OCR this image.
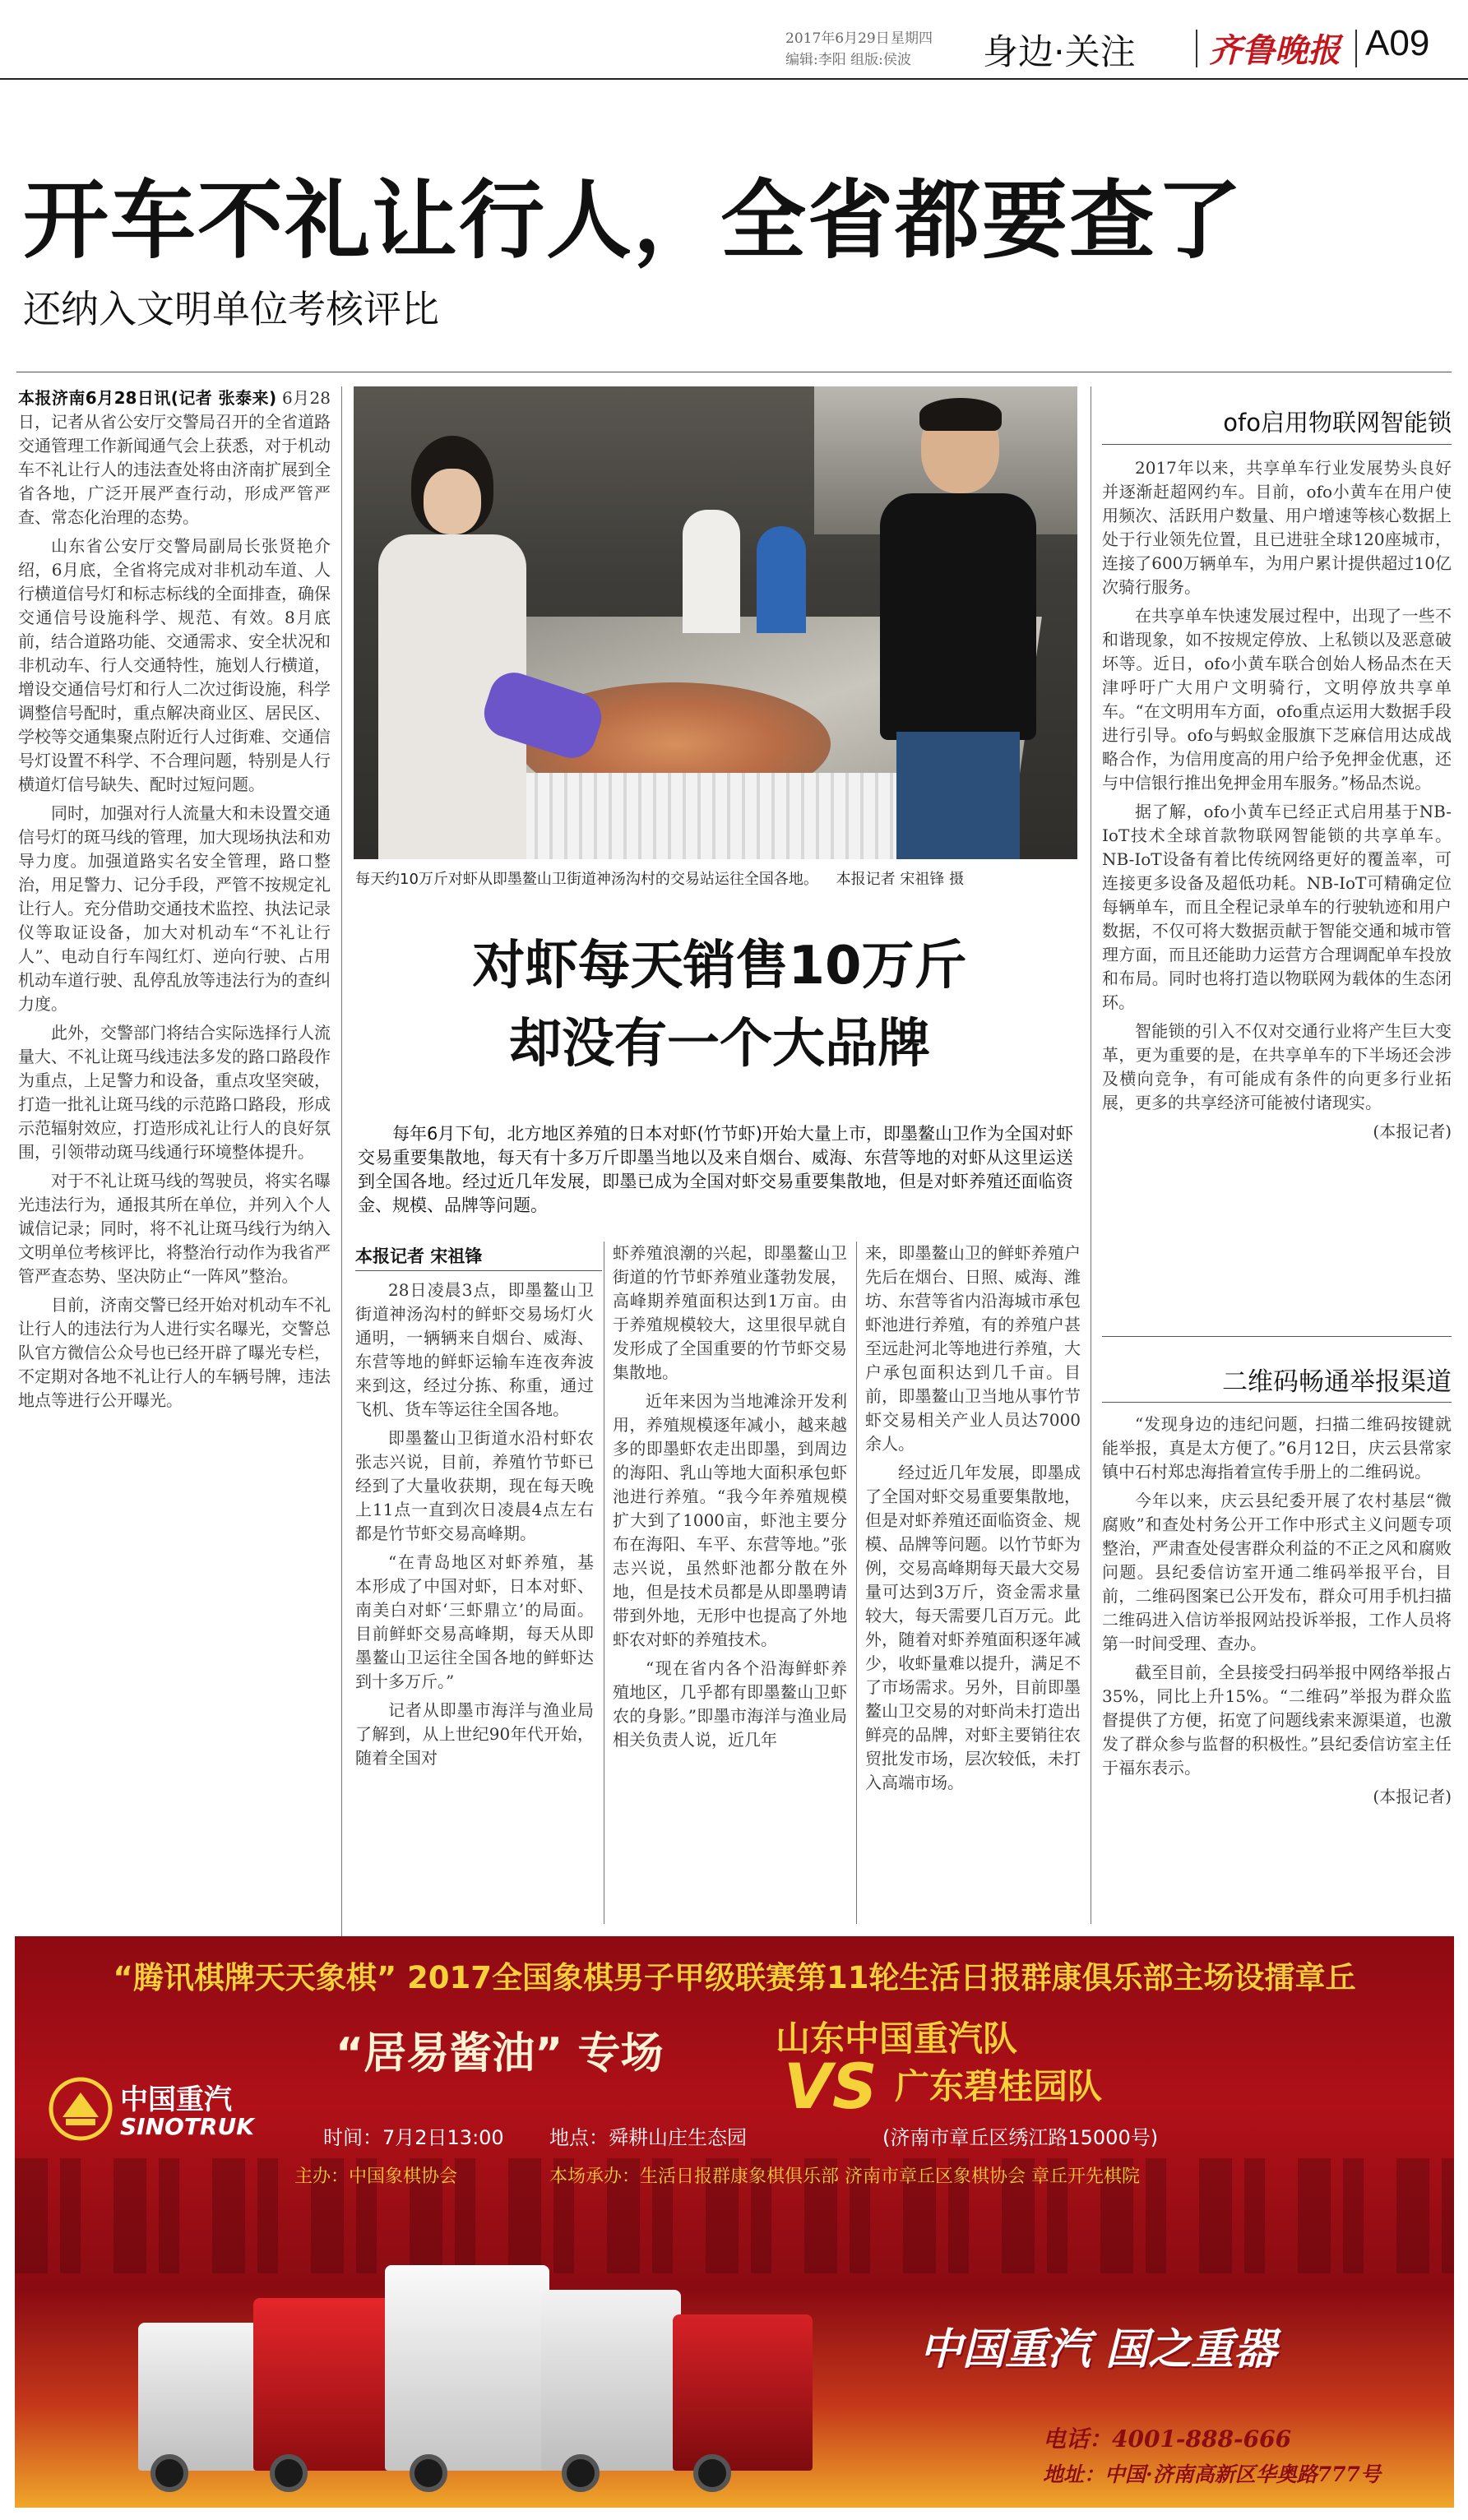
2017年6月29日 星期四
编辑:李阳 组版:侯波 身边·关注 齐鲁晚报 A09
开车不礼让行人，全省都要查了
还纳入文明单位考核评比

本报济南6月28日讯(记者 张泰来) 6月28日，记者从省公安厅交警局召开的全省道路交通管理工作新闻通气会上获悉，对于机动车不礼让行人的违法查处将由济南扩展到全省各地，广泛开展严查行动，形成严管严查、常态化治理的态势。

山东省公安厅交警局副局长张贤艳介绍，6月底，全省将完成对非机动车道、人行横道信号灯和标志标线的全面排查，确保交通信号设施科学、规范、有效。8月底前，结合道路功能、交通需求、安全状况和非机动车、行人交通特性，施划人行横道，增设交通信号灯和行人二次过街设施，科学调整信号配时，重点解决商业区、居民区、学校等交通集聚点附近行人过街难、交通信号灯设置不科学、不合理问题，特别是人行横道灯信号缺失、配时过短问题。

同时，加强对行人流量大和未设置交通信号灯的斑马线的管理，加大现场执法和劝导力度。加强道路实名安全管理，路口整治，用足警力、记分手段，严管不按规定礼让行人。充分借助交通技术监控、执法记录仪等取证设备，加大对机动车“不礼让行人”、电动自行车闯红灯、逆向行驶、占用机动车道行驶、乱停乱放等违法行为的查纠力度。

此外，交警部门将结合实际选择行人流量大、不礼让斑马线违法多发的路口路段作为重点，上足警力和设备，重点攻坚突破，打造一批礼让斑马线的示范路口路段，形成示范辐射效应，打造形成礼让行人的良好氛围，引领带动斑马线通行环境整体提升。

对于不礼让斑马线的驾驶员，将实名曝光违法行为，通报其所在单位，并列入个人诚信记录；同时，将不礼让斑马线行为纳入文明单位考核评比，将整治行动作为我省严管严查态势、坚决防止“一阵风”整治。

目前，济南交警已经开始对机动车不礼让行人的违法行为人进行实名曝光，交警总队官方微信公众号也已经开辟了曝光专栏，不定期对各地不礼让行人的车辆号牌，违法地点等进行公开曝光。

每天约10万斤对虾从即墨鳌山卫街道神汤沟村的交易站运往全国各地。 本报记者 宋祖锋 摄
对虾每天销售10万斤
却没有一个大品牌
每年6月下旬，北方地区养殖的日本对虾(竹节虾)开始大量上市，即墨鳌山卫作为全国对虾交易重要集散地，每天有十多万斤即墨当地以及来自烟台、威海、东营等地的对虾从这里运送到全国各地。经过近几年发展，即墨已成为全国对虾交易重要集散地，但是对虾养殖还面临资金、规模、品牌等问题。
本报记者 宋祖锋

28日凌晨3点，即墨鳌山卫街道神汤沟村的鲜虾交易场灯火通明，一辆辆来自烟台、威海、东营等地的鲜虾运输车连夜奔波来到这，经过分拣、称重，通过飞机、货车等运往全国各地。

即墨鳌山卫街道水沿村虾农张志兴说，目前，养殖竹节虾已经到了大量收获期，现在每天晚上11点一直到次日凌晨4点左右都是竹节虾交易高峰期。

“在青岛地区对虾养殖，基本形成了中国对虾，日本对虾、南美白对虾‘三虾鼎立’的局面。目前鲜虾交易高峰期，每天从即墨鳌山卫运往全国各地的鲜虾达到十多万斤。”

记者从即墨市海洋与渔业局了解到，从上世纪90年代开始，随着全国对

虾养殖浪潮的兴起，即墨鳌山卫街道的竹节虾养殖业蓬勃发展，高峰期养殖面积达到1万亩。由于养殖规模较大，这里很早就自发形成了全国重要的竹节虾交易集散地。

近年来因为当地滩涂开发利用，养殖规模逐年减小，越来越多的即墨虾农走出即墨，到周边的海阳、乳山等地大面积承包虾池进行养殖。“我今年养殖规模扩大到了1000亩，虾池主要分布在海阳、车平、东营等地。”张志兴说，虽然虾池都分散在外地，但是技术员都是从即墨聘请带到外地，无形中也提高了外地虾农对虾的养殖技术。

“现在省内各个沿海鲜虾养殖地区，几乎都有即墨鳌山卫虾农的身影。”即墨市海洋与渔业局相关负责人说，近几年

来，即墨鳌山卫的鲜虾养殖户先后在烟台、日照、威海、潍坊、东营等省内沿海城市承包虾池进行养殖，有的养殖户甚至远赴河北等地进行养殖，大户承包面积达到几千亩。目前，即墨鳌山卫当地从事竹节虾交易相关产业人员达7000余人。

经过近几年发展，即墨成了全国对虾交易重要集散地，但是对虾养殖还面临资金、规模、品牌等问题。以竹节虾为例，交易高峰期每天最大交易量可达到3万斤，资金需求量较大，每天需要几百万元。此外，随着对虾养殖面积逐年减少，收虾量难以提升，满足不了市场需求。另外，目前即墨鳌山卫交易的对虾尚未打造出鲜亮的品牌，对虾主要销往农贸批发市场，层次较低，未打入高端市场。

ofo启用物联网智能锁

2017年以来，共享单车行业发展势头良好并逐渐赶超网约车。目前，ofo小黄车在用户使用频次、活跃用户数量、用户增速等核心数据上处于行业领先位置，且已进驻全球120座城市，连接了600万辆单车，为用户累计提供超过10亿次骑行服务。

在共享单车快速发展过程中，出现了一些不和谐现象，如不按规定停放、上私锁以及恶意破坏等。近日，ofo小黄车联合创始人杨品杰在天津呼吁广大用户文明骑行，文明停放共享单车。“在文明用车方面，ofo重点运用大数据手段进行引导。ofo与蚂蚁金服旗下芝麻信用达成战略合作，为信用度高的用户给予免押金优惠，还与中信银行推出免押金用车服务。”杨品杰说。

据了解，ofo小黄车已经正式启用基于NB-IoT技术全球首款物联网智能锁的共享单车。NB-IoT设备有着比传统网络更好的覆盖率，可连接更多设备及超低功耗。NB-IoT可精确定位每辆单车，而且全程记录单车的行驶轨迹和用户数据，不仅可将大数据贡献于智能交通和城市管理方面，而且还能助力运营方合理调配单车投放和布局。同时也将打造以物联网为载体的生态闭环。

智能锁的引入不仅对交通行业将产生巨大变革，更为重要的是，在共享单车的下半场还会涉及横向竞争，有可能成有条件的向更多行业拓展，更多的共享经济可能被付诸现实。

(本报记者)

二维码畅通举报渠道

“发现身边的违纪问题，扫描二维码按键就能举报，真是太方便了。”6月12日，庆云县常家镇中石村郑忠海指着宣传手册上的二维码说。

今年以来，庆云县纪委开展了农村基层“微腐败”和查处村务公开工作中形式主义问题专项整治，严肃查处侵害群众利益的不正之风和腐败问题。县纪委信访室开通二维码举报平台，目前，二维码图案已公开发布，群众可用手机扫描二维码进入信访举报网站投诉举报，工作人员将第一时间受理、查办。

截至目前，全县接受扫码举报中网络举报占35%，同比上升15%。“二维码”举报为群众监督提供了方便，拓宽了问题线索来源渠道，也激发了群众参与监督的积极性。”县纪委信访室主任于福东表示。

(本报记者)

“腾讯棋牌天天象棋” 2017全国象棋男子甲级联赛第11轮生活日报群康俱乐部主场设擂章丘
“居易酱油” 专场	山东中国重汽队
VS 广东碧桂园队
中国重汽
SINOTRUK	时间：7月2日13:00 地点：舜耕山庄生态园	(济南市章丘区绣江路15000号)
主办：中国象棋协会	本场承办：生活日报群康象棋俱乐部 济南市章丘区象棋协会 章丘开先棋院
中国重汽 国之重器
电话：4001-888-666
地址：中国·济南高新区华奥路777号
